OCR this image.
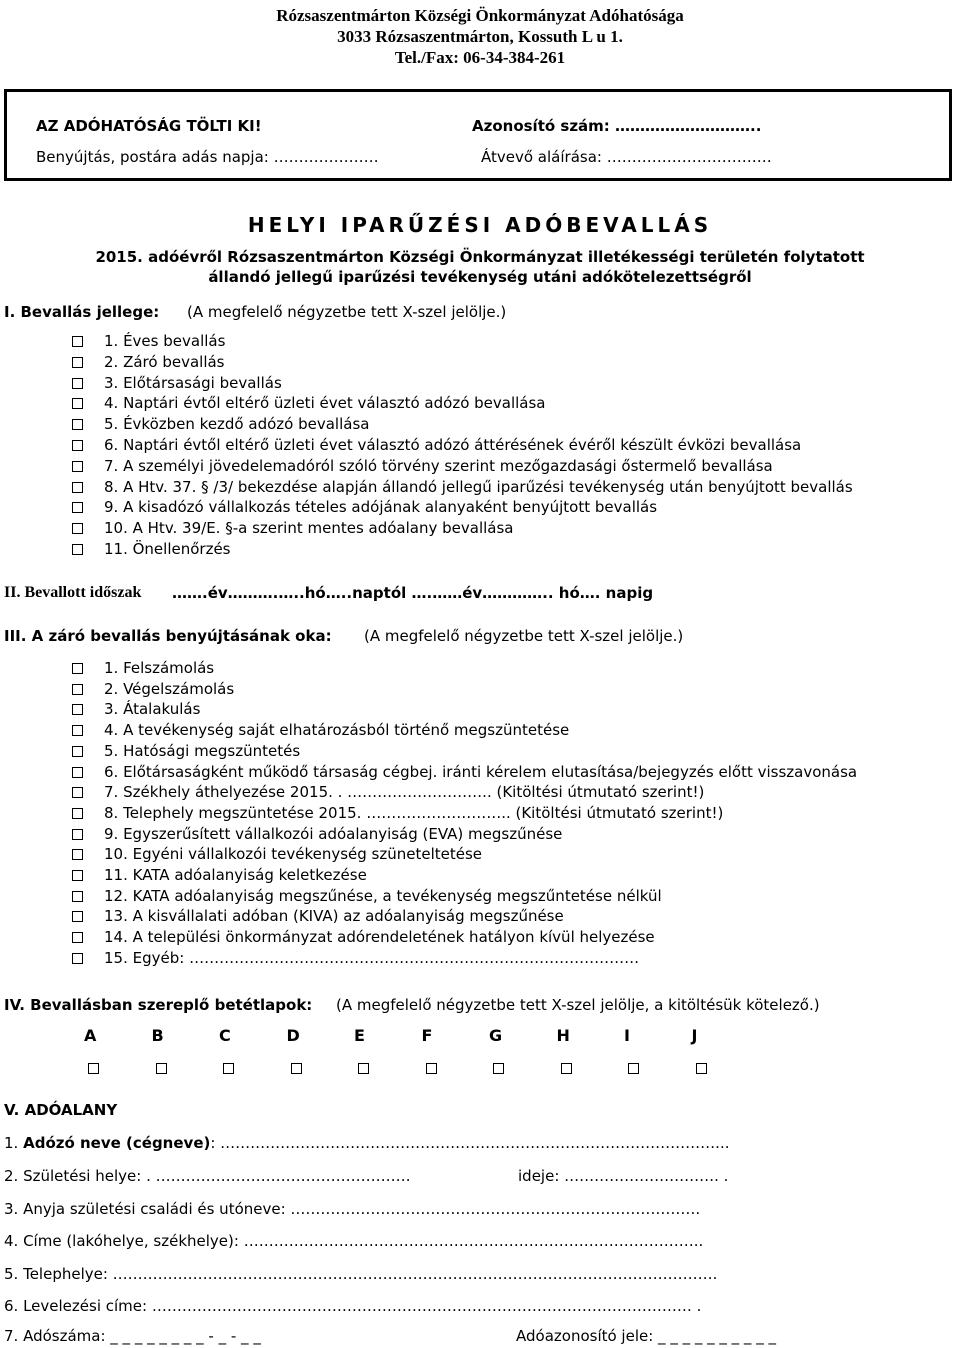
Rózsaszentmárton Községi Önkormányzat Adóhatósága
3033 Rózsaszentmárton, Kossuth L u 1.
Tel./Fax: 06-34-384-261
AZ ADÓHATÓSÁG TÖLTI KI!	Azonosító szám: ………………………..
Benyújtás, postára adás napja: …………………	Átvevő aláírása: ……………………………
HELYI IPARŰZÉSI ADÓBEVALLÁS
2015. adóévről Rózsaszentmárton Községi Önkormányzat illetékességi területén folytatott
állandó jellegű iparűzési tevékenység utáni adókötelezettségről
I. Bevallás jellege: (A megfelelő négyzetbe tett X-szel jelölje.)
1. Éves bevallás
2. Záró bevallás
3. Előtársasági bevallás
4. Naptári évtől eltérő üzleti évet választó adózó bevallása
5. Évközben kezdő adózó bevallása
6. Naptári évtől eltérő üzleti évet választó adózó áttérésének évéről készült évközi bevallása
7. A személyi jövedelemadóról szóló törvény szerint mezőgazdasági őstermelő bevallása
8. A Htv. 37. § /3/ bekezdése alapján állandó jellegű iparűzési tevékenység után benyújtott bevallás
9. A kisadózó vállalkozás tételes adójának alanyaként benyújtott bevallás
10. A Htv. 39/E. §-a szerint mentes adóalany bevallása
11. Önellenőrzés
II. Bevallott időszak …….év……….…..hó…..naptól ….……év………….. hó…. napig
III. A záró bevallás benyújtásának oka: (A megfelelő négyzetbe tett X-szel jelölje.)
1. Felszámolás
2. Végelszámolás
3. Átalakulás
4. A tevékenység saját elhatározásból történő megszüntetése
5. Hatósági megszüntetés
6. Előtársaságként működő társaság cégbej. iránti kérelem elutasítása/bejegyzés előtt visszavonása
7. Székhely áthelyezése 2015. . ……………………….. (Kitöltési útmutató szerint!)
8. Telephely megszüntetése 2015. ……………………….. (Kitöltési útmutató szerint!)
9. Egyszerűsített vállalkozói adóalanyiság (EVA) megszűnése
10. Egyéni vállalkozói tevékenység szüneteltetése
11. KATA adóalanyiság keletkezése
12. KATA adóalanyiság megszűnése, a tevékenység megszűntetése nélkül
13. A kisvállalati adóban (KIVA) az adóalanyiság megszűnése
14. A települési önkormányzat adórendeletének hatályon kívül helyezése
15. Egyéb: ………………………………………………………………………………
IV. Bevallásban szereplő betétlapok: (A megfelelő négyzetbe tett X-szel jelölje, a kitöltésük kötelező.)
A	B	C	D	E	F	G	H	I	J
V. ADÓALANY
1. Adózó neve (cégneve): ………………………………………………………………………………………...
2. Születési helye: . ……………………………………………	ideje: …………………………. .
3. Anyja születési családi és utóneve: ……………………………………………………………………….
4. Címe (lakóhelye, székhelye): ………………………………………………………………………………..
5. Telephelye: ………………………………………………………………………………………………………….
6. Levelezési címe: ……………………………………………………………………………………………… .
7. Adószáma: _ _ _ _ _ _ _ _ - _ - _ _	Adóazonosító jele: _ _ _ _ _ _ _ _ _ _
